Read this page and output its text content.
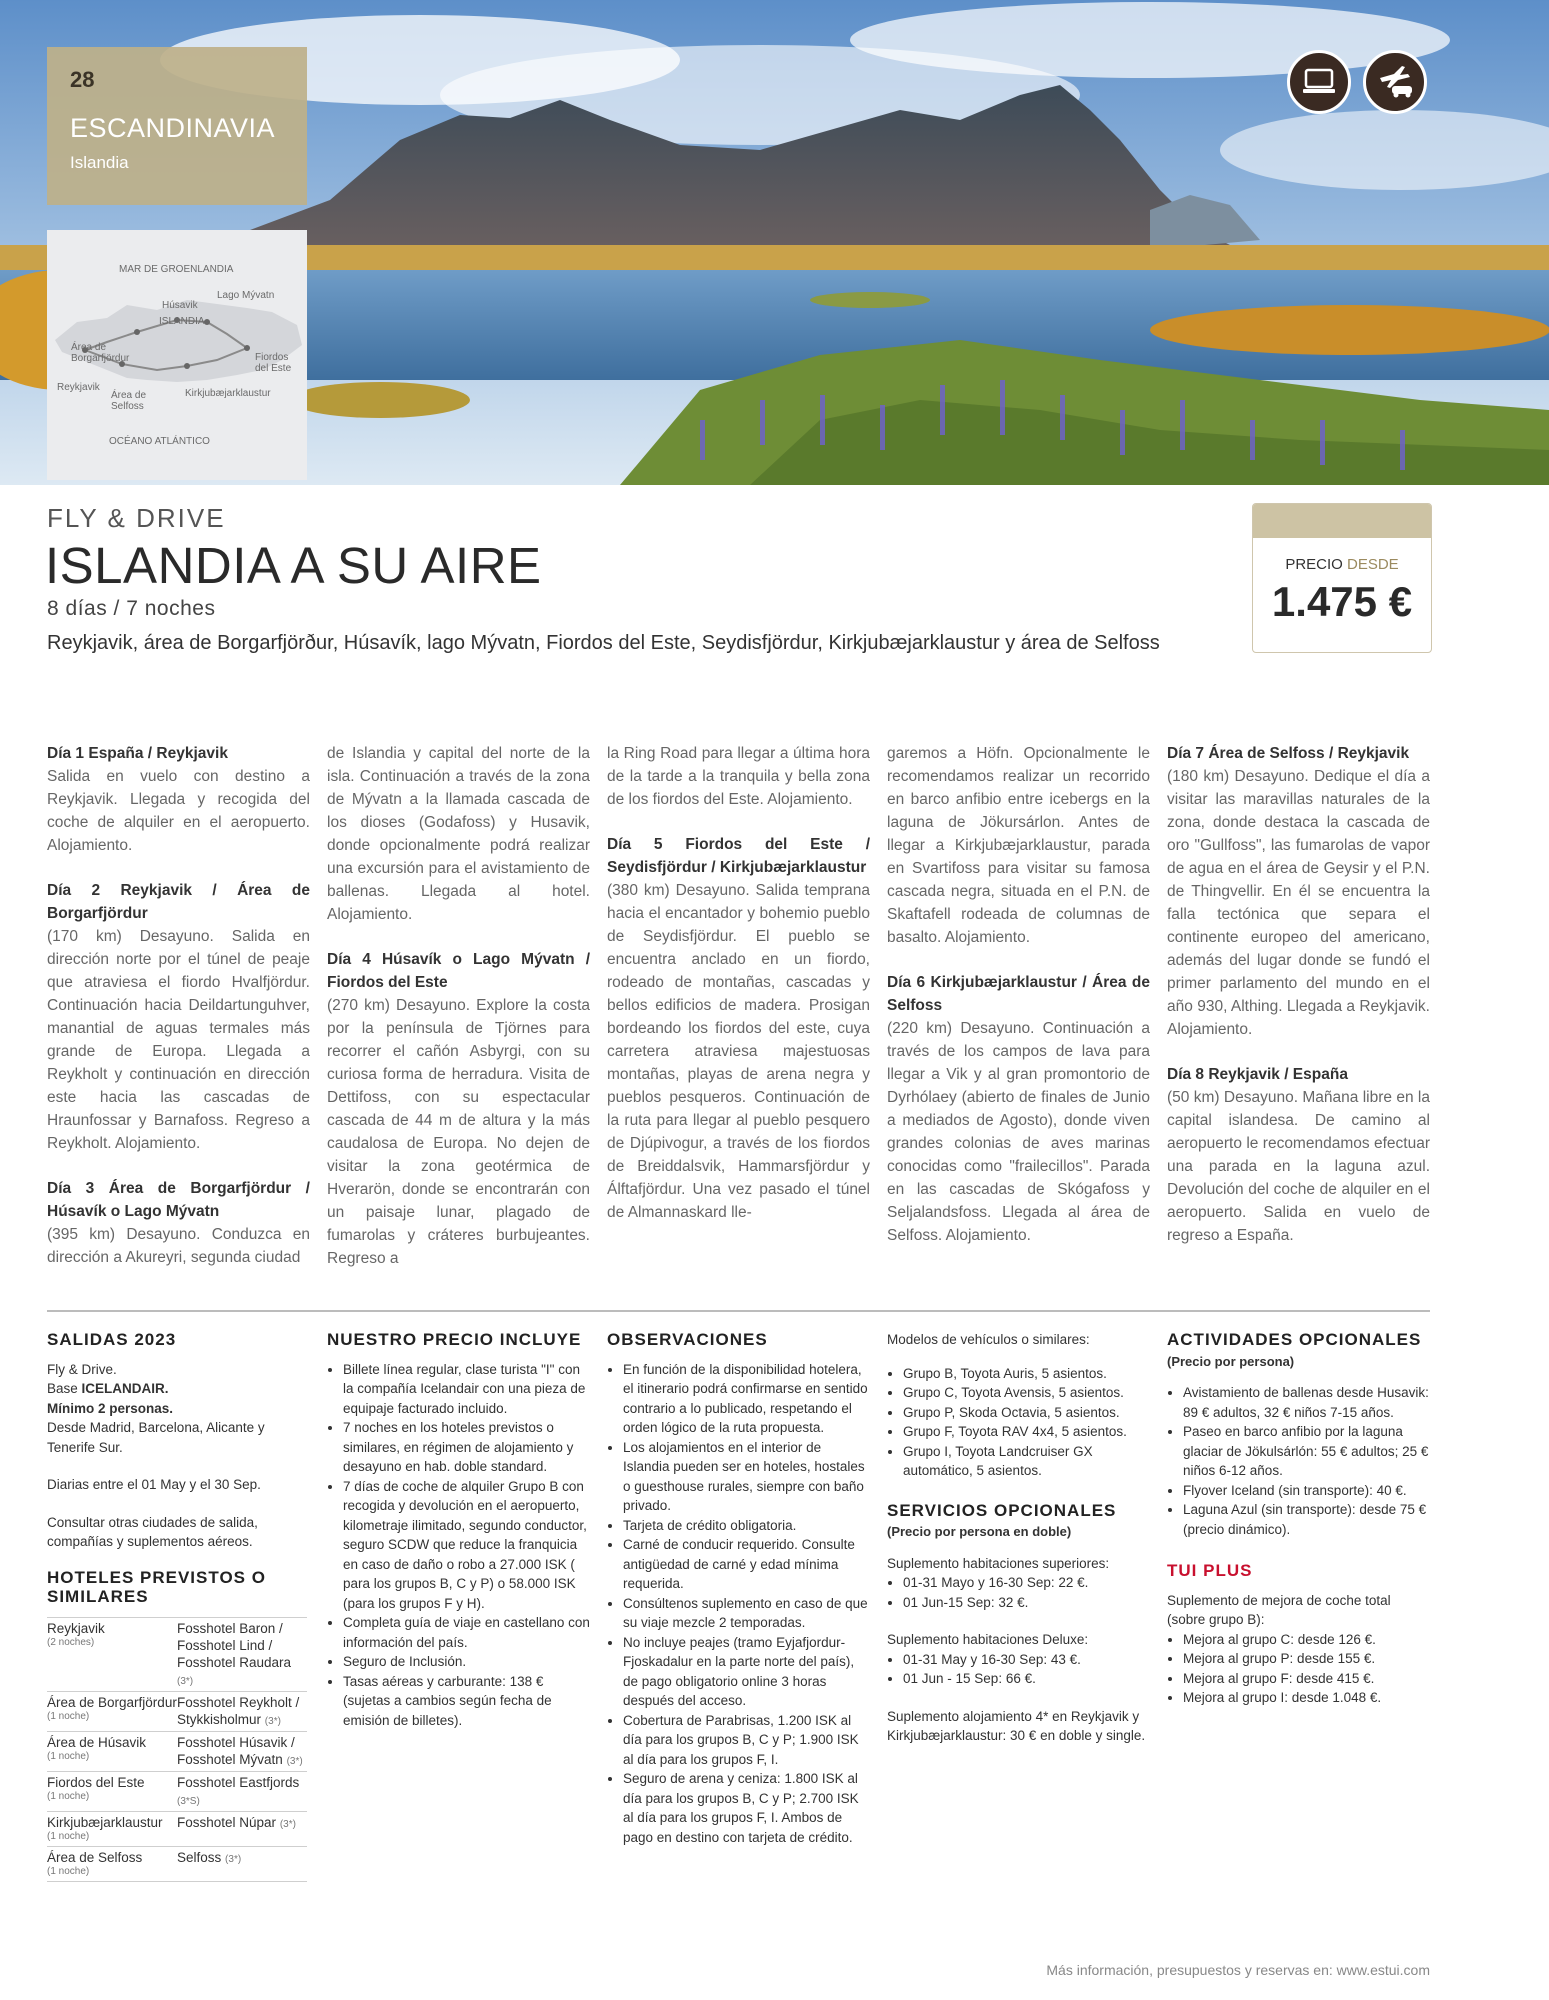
28
ESCANDINAVIA
Islandia
MAR DE GROENLANDIA
ISLANDIA
Húsavik
Lago Mývatn
Área de Borgarfjördur
Reykjavik
Área de Selfoss
Kirkjubæjarklaustur
Fiordos del Este
OCÉANO ATLÁNTICO
FLY & DRIVE
ISLANDIA A SU AIRE
8 días / 7 noches
Reykjavik, área de Borgarfjörður, Húsavík, lago Mývatn, Fiordos del Este, Seydisfjördur, Kirkjubæjarklaustur y área de Selfoss
PRECIO DESDE
1.475 €

Día 1 España / Reykjavik
Salida en vuelo con destino a Reykjavik. Llegada y recogida del coche de alquiler en el aeropuerto. Alojamiento.

Día 2 Reykjavik / Área de Borgarfjördur
(170 km) Desayuno. Salida en dirección norte por el túnel de peaje que atraviesa el fiordo Hvalfjördur. Continuación hacia Deildartunguhver, manantial de aguas termales más grande de Europa. Llegada a Reykholt y continuación en dirección este hacia las cascadas de Hraunfossar y Barnafoss. Regreso a Reykholt. Alojamiento.

Día 3 Área de Borgarfjördur / Húsavík o Lago Mývatn
(395 km) Desayuno. Conduzca en dirección a Akureyri, segunda ciudad

de Islandia y capital del norte de la isla. Continuación a través de la zona de Mývatn a la llamada cascada de los dioses (Godafoss) y Husavik, donde opcionalmente podrá realizar una excursión para el avistamiento de ballenas. Llegada al hotel. Alojamiento.

Día 4 Húsavík o Lago Mývatn / Fiordos del Este
(270 km) Desayuno. Explore la costa por la península de Tjörnes para recorrer el cañón Asbyrgi, con su curiosa forma de herradura. Visita de Dettifoss, con su espectacular cascada de 44 m de altura y la más caudalosa de Europa. No dejen de visitar la zona geotérmica de Hverarön, donde se encontrarán con un paisaje lunar, plagado de fumarolas y cráteres burbujeantes. Regreso a

la Ring Road para llegar a última hora de la tarde a la tranquila y bella zona de los fiordos del Este. Alojamiento.

Día 5 Fiordos del Este / Seydisfjördur / Kirkjubæjarklaustur
(380 km) Desayuno. Salida temprana hacia el encantador y bohemio pueblo de Seydisfjördur. El pueblo se encuentra anclado en un fiordo, rodeado de montañas, cascadas y bellos edificios de madera. Prosigan bordeando los fiordos del este, cuya carretera atraviesa majestuosas montañas, playas de arena negra y pueblos pesqueros. Continuación de la ruta para llegar al pueblo pesquero de Djúpivogur, a través de los fiordos de Breiddalsvik, Hammarsfjördur y Álftafjördur. Una vez pasado el túnel de Almannaskard lle-

garemos a Höfn. Opcionalmente le recomendamos realizar un recorrido en barco anfibio entre icebergs en la laguna de Jökursárlon. Antes de llegar a Kirkjubæjarklaustur, parada en Svartifoss para visitar su famosa cascada negra, situada en el P.N. de Skaftafell rodeada de columnas de basalto. Alojamiento.

Día 6 Kirkjubæjarklaustur / Área de Selfoss
(220 km) Desayuno. Continuación a través de los campos de lava para llegar a Vik y al gran promontorio de Dyrhólaey (abierto de finales de Junio a mediados de Agosto), donde viven grandes colonias de aves marinas conocidas como "frailecillos". Parada en las cascadas de Skógafoss y Seljalandsfoss. Llegada al área de Selfoss. Alojamiento.

Día 7 Área de Selfoss / Reykjavik
(180 km) Desayuno. Dedique el día a visitar las maravillas naturales de la zona, donde destaca la cascada de oro "Gullfoss", las fumarolas de vapor de agua en el área de Geysir y el P.N. de Thingvellir. En él se encuentra la falla tectónica que separa el continente europeo del americano, además del lugar donde se fundó el primer parlamento del mundo en el año 930, Althing. Llegada a Reykjavik. Alojamiento.

Día 8 Reykjavik / España
(50 km) Desayuno. Mañana libre en la capital islandesa. De camino al aeropuerto le recomendamos efectuar una parada en la laguna azul. Devolución del coche de alquiler en el aeropuerto. Salida en vuelo de regreso a España.

SALIDAS 2023
Fly & Drive.
Base ICELANDAIR.
Mínimo 2 personas.

Desde Madrid, Barcelona, Alicante y Tenerife Sur.

Diarias entre el 01 May y el 30 Sep.

Consultar otras ciudades de salida, compañías y suplementos aéreos.

HOTELES PREVISTOS O SIMILARES
Reykjavik
(2 noches)	Fosshotel Baron / Fosshotel Lind / Fosshotel Raudara (3*)
Área de Borgarfjördur
(1 noche)	Fosshotel Reykholt / Stykkisholmur (3*)
Área de Húsavik
(1 noche)	Fosshotel Húsavik / Fosshotel Mývatn (3*)
Fiordos del Este
(1 noche)	Fosshotel Eastfjords (3*S)
Kirkjubæjarklaustur
(1 noche)	Fosshotel Núpar (3*)
Área de Selfoss
(1 noche)	Selfoss (3*)
NUESTRO PRECIO INCLUYE
• Billete línea regular, clase turista "I" con la compañía Icelandair con una pieza de equipaje facturado incluido.
• 7 noches en los hoteles previstos o similares, en régimen de alojamiento y desayuno en hab. doble standard.
• 7 días de coche de alquiler Grupo B con recogida y devolución en el aeropuerto, kilometraje ilimitado, segundo conductor, seguro SCDW que reduce la franquicia en caso de daño o robo a 27.000 ISK ( para los grupos B, C y P) o 58.000 ISK (para los grupos F y H).
• Completa guía de viaje en castellano con información del país.
• Seguro de Inclusión.
• Tasas aéreas y carburante: 138 € (sujetas a cambios según fecha de emisión de billetes).
OBSERVACIONES
• En función de la disponibilidad hotelera, el itinerario podrá confirmarse en sentido contrario a lo publicado, respetando el orden lógico de la ruta propuesta.
• Los alojamientos en el interior de Islandia pueden ser en hoteles, hostales o guesthouse rurales, siempre con baño privado.
• Tarjeta de crédito obligatoria.
• Carné de conducir requerido. Consulte antigüedad de carné y edad mínima requerida.
• Consúltenos suplemento en caso de que su viaje mezcle 2 temporadas.
• No incluye peajes (tramo Eyjafjordur-Fjoskadalur en la parte norte del país), de pago obligatorio online 3 horas después del acceso.
• Cobertura de Parabrisas, 1.200 ISK al día para los grupos B, C y P; 1.900 ISK al día para los grupos F, I.
• Seguro de arena y ceniza: 1.800 ISK al día para los grupos B, C y P; 2.700 ISK al día para los grupos F, I. Ambos de pago en destino con tarjeta de crédito.
Modelos de vehículos o similares:
• Grupo B, Toyota Auris, 5 asientos.
• Grupo C, Toyota Avensis, 5 asientos.
• Grupo P, Skoda Octavia, 5 asientos.
• Grupo F, Toyota RAV 4x4, 5 asientos.
• Grupo I, Toyota Landcruiser GX automático, 5 asientos.
SERVICIOS OPCIONALES
(Precio por persona en doble)
Suplemento habitaciones superiores:
• 01-31 Mayo y 16-30 Sep: 22 €.
• 01 Jun-15 Sep: 32 €.
Suplemento habitaciones Deluxe:
• 01-31 May y 16-30 Sep: 43 €.
• 01 Jun - 15 Sep: 66 €.

Suplemento alojamiento 4* en Reykjavik y Kirkjubæjarklaustur: 30 € en doble y single.

ACTIVIDADES OPCIONALES
(Precio por persona)
• Avistamiento de ballenas desde Husavik: 89 € adultos, 32 € niños 7-15 años.
• Paseo en barco anfibio por la laguna glaciar de Jökulsárlón: 55 € adultos; 25 € niños 6-12 años.
• Flyover Iceland (sin transporte): 40 €.
• Laguna Azul (sin transporte): desde 75 € (precio dinámico).
TUI PLUS
Suplemento de mejora de coche total (sobre grupo B):
• Mejora al grupo C: desde 126 €.
• Mejora al grupo P: desde 155 €.
• Mejora al grupo F: desde 415 €.
• Mejora al grupo I: desde 1.048 €.
Más información, presupuestos y reservas en: www.estui.com
